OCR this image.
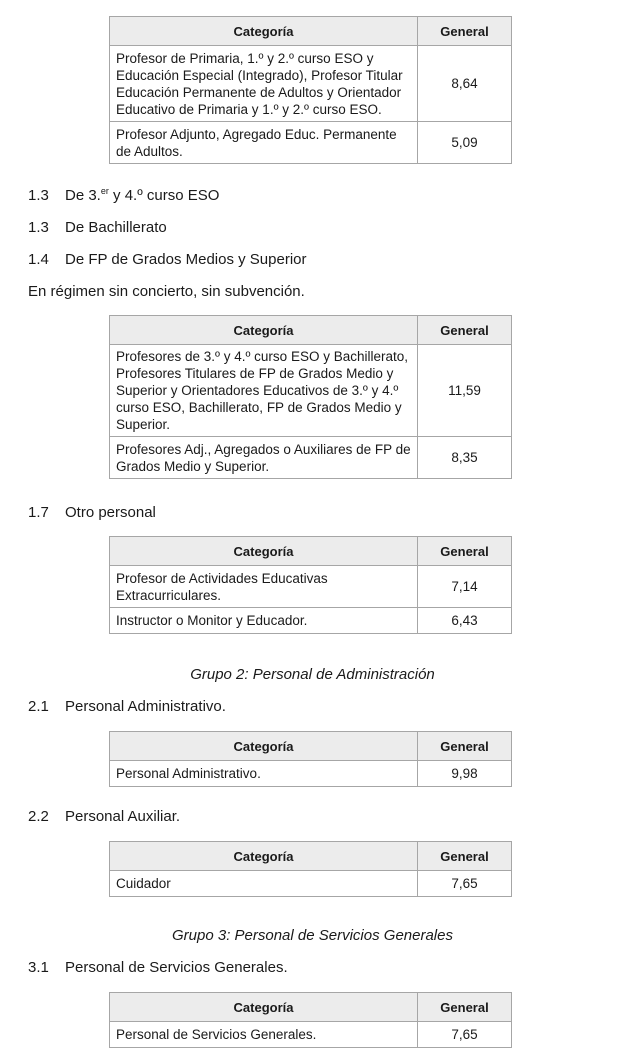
Categoría	General
Profesor de Primaria, 1.º y 2.º curso ESO y Educación Especial (Integrado), Profesor Titular Educación Permanente de Adultos y Orientador Educativo de Primaria y 1.º y 2.º curso ESO.	8,64
Profesor Adjunto, Agregado Educ. Permanente de Adultos.	5,09
1.3 De 3.$^{er}$ y 4.º curso ESO
1.3 De Bachillerato
1.4 De FP de Grados Medios y Superior
En régimen sin concierto, sin subvención.
Categoría	General
Profesores de 3.º y 4.º curso ESO y Bachillerato, Profesores Titulares de FP de Grados Medio y Superior y Orientadores Educativos de 3.º y 4.º curso ESO, Bachillerato, FP de Grados Medio y Superior.	11,59
Profesores Adj., Agregados o Auxiliares de FP de Grados Medio y Superior.	8,35
1.7 Otro personal
Categoría	General
Profesor de Actividades Educativas Extracurriculares.	7,14
Instructor o Monitor y Educador.	6,43
Grupo 2: Personal de Administración
2.1 Personal Administrativo.
Categoría	General
Personal Administrativo.	9,98
2.2 Personal Auxiliar.
Categoría	General
Cuidador	7,65
Grupo 3: Personal de Servicios Generales
3.1 Personal de Servicios Generales.
Categoría	General
Personal de Servicios Generales.	7,65
